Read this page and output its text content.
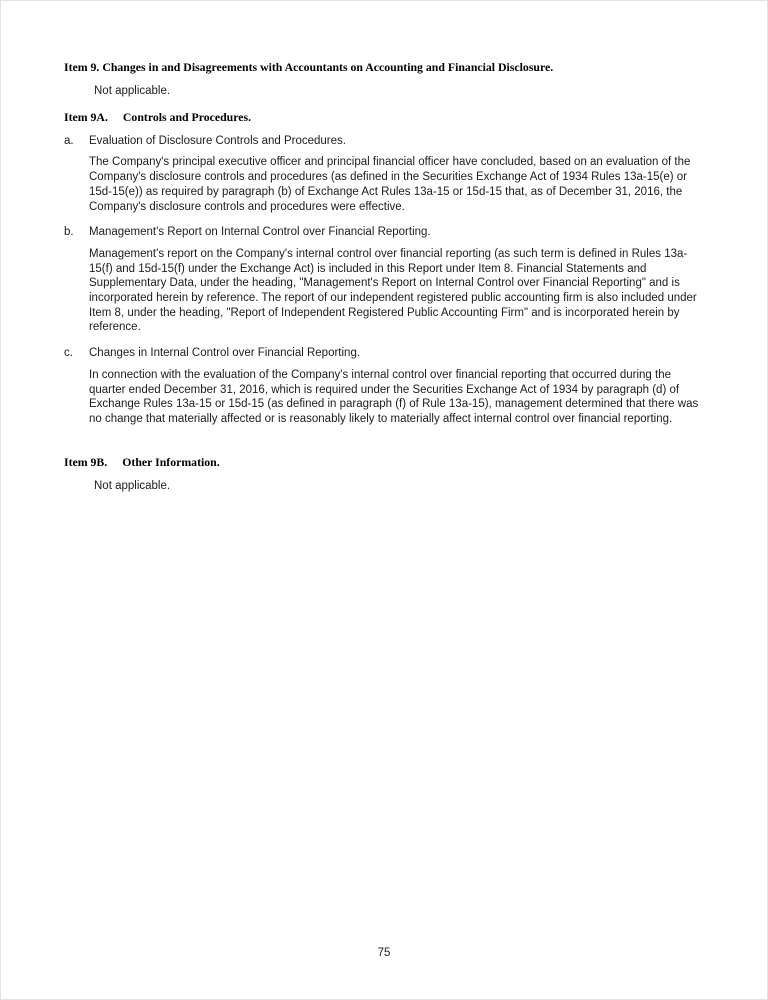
Item 9. Changes in and Disagreements with Accountants on Accounting and Financial Disclosure.

Not applicable.

Item 9A. Controls and Procedures.
a.	Evaluation of Disclosure Controls and Procedures.

The Company's principal executive officer and principal financial officer have concluded, based on an evaluation of the Company's disclosure controls and procedures (as defined in the Securities Exchange Act of 1934 Rules 13a-15(e) or 15d-15(e)) as required by paragraph (b) of Exchange Act Rules 13a-15 or 15d-15 that, as of December 31, 2016, the Company's disclosure controls and procedures were effective.

b.	Management's Report on Internal Control over Financial Reporting.

Management's report on the Company's internal control over financial reporting (as such term is defined in Rules 13a-15(f) and 15d-15(f) under the Exchange Act) is included in this Report under Item 8. Financial Statements and Supplementary Data, under the heading, "Management's Report on Internal Control over Financial Reporting" and is incorporated herein by reference. The report of our independent registered public accounting firm is also included under Item 8, under the heading, "Report of Independent Registered Public Accounting Firm" and is incorporated herein by reference.

c.	Changes in Internal Control over Financial Reporting.

In connection with the evaluation of the Company's internal control over financial reporting that occurred during the quarter ended December 31, 2016, which is required under the Securities Exchange Act of 1934 by paragraph (d) of Exchange Rules 13a-15 or 15d-15 (as defined in paragraph (f) of Rule 13a-15), management determined that there was no change that materially affected or is reasonably likely to materially affect internal control over financial reporting.

Item 9B. Other Information.

Not applicable.

75
